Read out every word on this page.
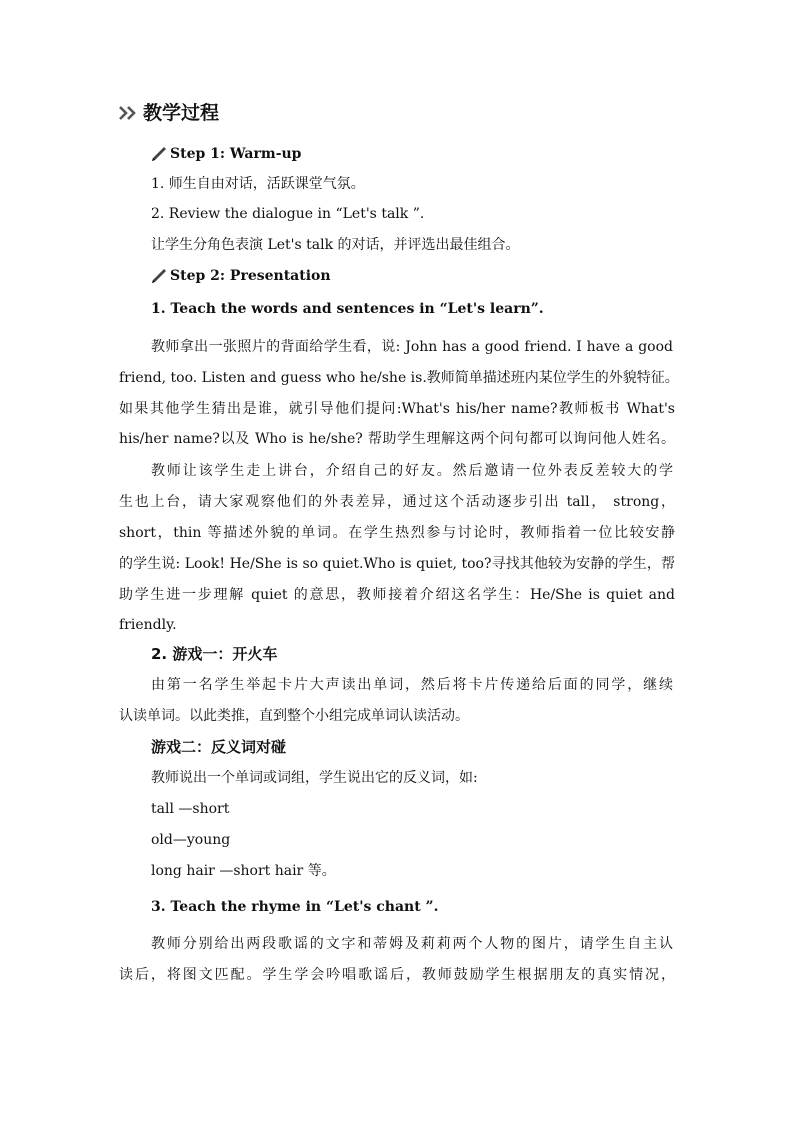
教学过程
Step 1: Warm-up
1. 师生自由对话，活跃课堂气氛。
2. Review the dialogue in “Let's talk ”.
让学生分角色表演 Let's talk 的对话，并评选出最佳组合。
Step 2: Presentation
1. Teach the words and sentences in “Let's learn”.
教师拿出一张照片的背面给学生看，说: John has a good friend. I have a good
friend, too. Listen and guess who he/she is.教师简单描述班内某位学生的外貌特征。
如果其他学生猜出是谁，就引导他们提问:What's his/her name?教师板书 What's
his/her name?以及 Who is he/she? 帮助学生理解这两个问句都可以询问他人姓名。
教师让该学生走上讲台，介绍自己的好友。然后邀请一位外表反差较大的学
生也上台，请大家观察他们的外表差异，通过这个活动逐步引出 tall， strong，
short，thin 等描述外貌的单词。在学生热烈参与讨论时，教师指着一位比较安静
的学生说: Look! He/She is so quiet.Who is quiet, too?寻找其他较为安静的学生，帮
助学生进一步理解 quiet 的意思，教师接着介绍这名学生：He/She is quiet and
friendly.
2. 游戏一：开火车
由第一名学生举起卡片大声读出单词，然后将卡片传递给后面的同学，继续
认读单词。以此类推，直到整个小组完成单词认读活动。
游戏二：反义词对碰
教师说出一个单词或词组，学生说出它的反义词，如:
tall —short
old—young
long hair —short hair 等。
3. Teach the rhyme in “Let's chant ”.
教师分别给出两段歌谣的文字和蒂姆及莉莉两个人物的图片，请学生自主认
读后，将图文匹配。学生学会吟唱歌谣后，教师鼓励学生根据朋友的真实情况，
